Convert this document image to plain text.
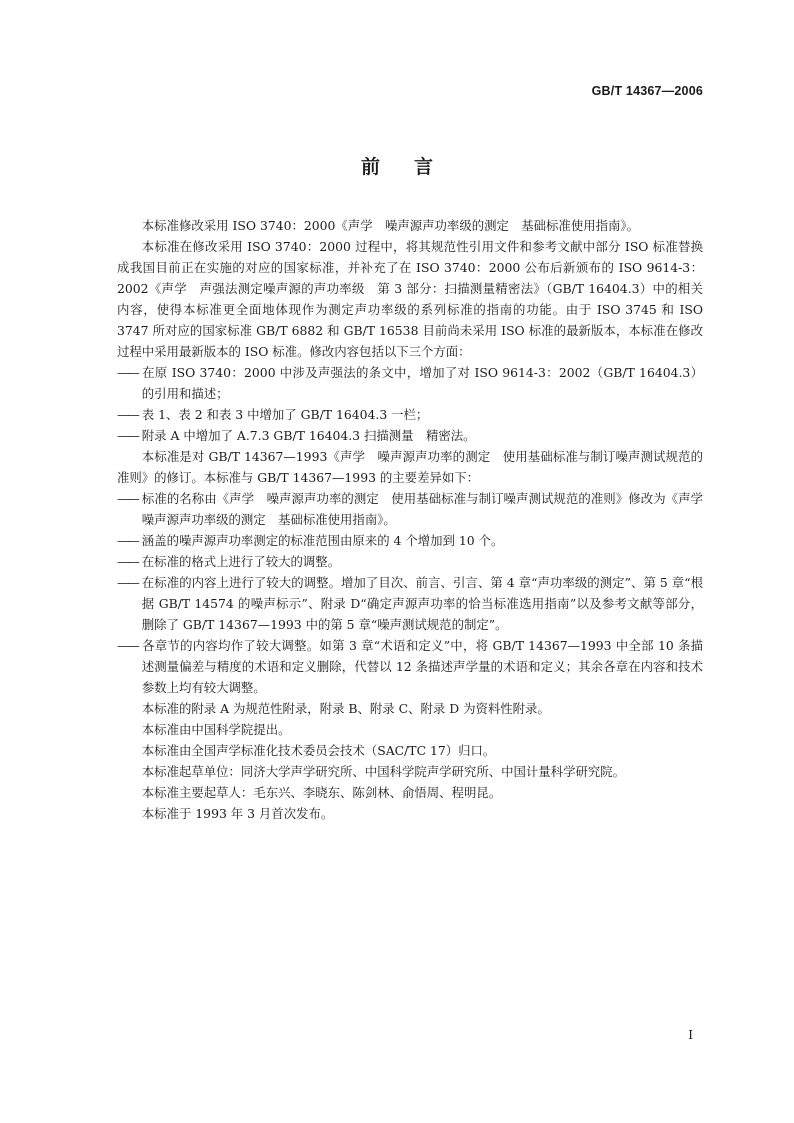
GB/T 14367—2006
前言

本标准修改采用 ISO 3740：2000《声学　噪声源声功率级的测定　基础标准使用指南》。

本标准在修改采用 ISO 3740：2000 过程中，将其规范性引用文件和参考文献中部分 ISO 标准替换成我国目前正在实施的对应的国家标准，并补充了在 ISO 3740：2000 公布后新颁布的 ISO 9614-3：2002《声学　声强法测定噪声源的声功率级　第 3 部分：扫描测量精密法》（GB/T 16404.3）中的相关内容，使得本标准更全面地体现作为测定声功率级的系列标准的指南的功能。由于 ISO 3745 和 ISO 3747 所对应的国家标准 GB/T 6882 和 GB/T 16538 目前尚未采用 ISO 标准的最新版本，本标准在修改过程中采用最新版本的 ISO 标准。修改内容包括以下三个方面：

—— 在原 ISO 3740：2000 中涉及声强法的条文中，增加了对 ISO 9614-3：2002（GB/T 16404.3）的引用和描述；

—— 表 1、表 2 和表 3 中增加了 GB/T 16404.3 一栏；

—— 附录 A 中增加了 A.7.3 GB/T 16404.3 扫描测量　精密法。

本标准是对 GB/T 14367—1993《声学　噪声源声功率的测定　使用基础标准与制订噪声测试规范的准则》的修订。本标准与 GB/T 14367—1993 的主要差异如下：

—— 标准的名称由《声学　噪声源声功率的测定　使用基础标准与制订噪声测试规范的准则》修改为《声学　噪声源声功率级的测定　基础标准使用指南》。

—— 涵盖的噪声源声功率测定的标准范围由原来的 4 个增加到 10 个。

—— 在标准的格式上进行了较大的调整。

—— 在标准的内容上进行了较大的调整。增加了目次、前言、引言、第 4 章“声功率级的测定”、第 5 章“根据 GB/T 14574 的噪声标示”、附录 D“确定声源声功率的恰当标准选用指南”以及参考文献等部分，删除了 GB/T 14367—1993 中的第 5 章“噪声测试规范的制定”。

—— 各章节的内容均作了较大调整。如第 3 章“术语和定义”中，将 GB/T 14367—1993 中全部 10 条描述测量偏差与精度的术语和定义删除，代替以 12 条描述声学量的术语和定义；其余各章在内容和技术参数上均有较大调整。

本标准的附录 A 为规范性附录，附录 B、附录 C、附录 D 为资料性附录。

本标准由中国科学院提出。

本标准由全国声学标准化技术委员会技术（SAC/TC 17）归口。

本标准起草单位：同济大学声学研究所、中国科学院声学研究所、中国计量科学研究院。

本标准主要起草人：毛东兴、李晓东、陈剑林、俞悟周、程明昆。

本标准于 1993 年 3 月首次发布。

I
